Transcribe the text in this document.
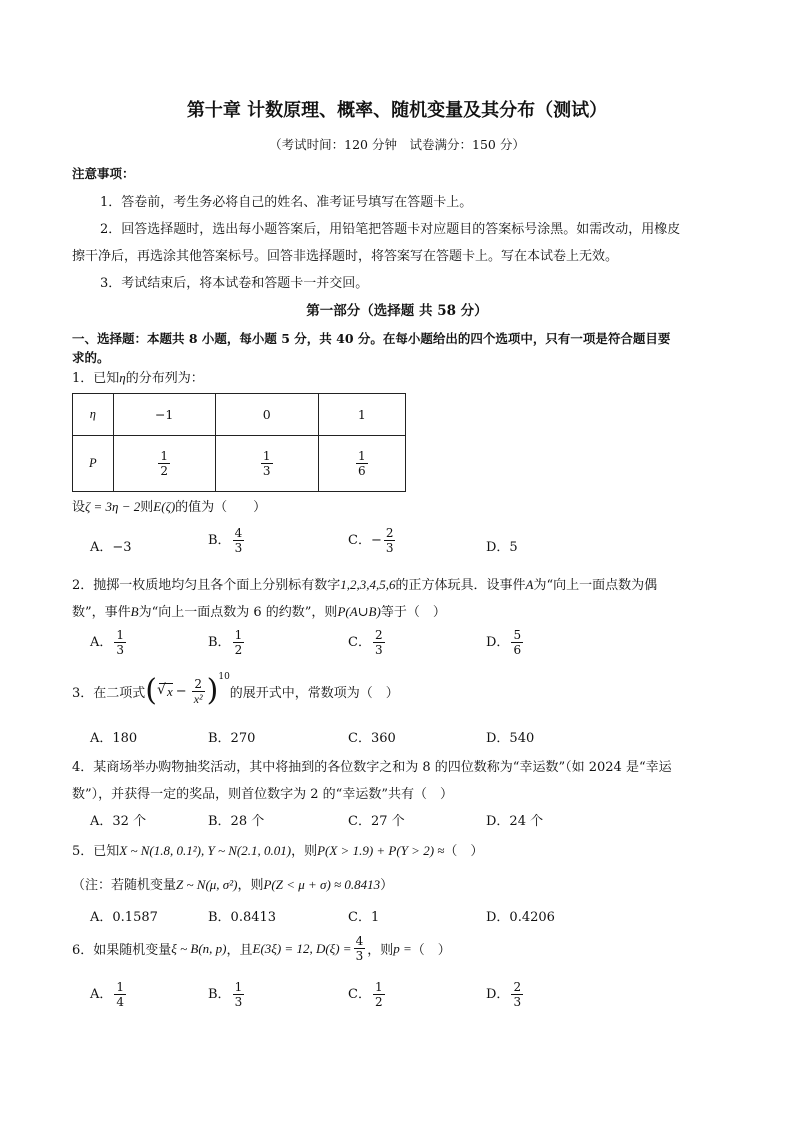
第十章 计数原理、概率、随机变量及其分布（测试）
（考试时间：120 分钟　试卷满分：150 分）
注意事项：
1．答卷前，考生务必将自己的姓名、准考证号填写在答题卡上。
2．回答选择题时，选出每小题答案后，用铅笔把答题卡对应题目的答案标号涂黑。如需改动，用橡皮
擦干净后，再选涂其他答案标号。回答非选择题时，将答案写在答题卡上。写在本试卷上无效。
3．考试结束后，将本试卷和答题卡一并交回。
第一部分（选择题 共 58 分）
一、选择题：本题共 8 小题，每小题 5 分，共 40 分。在每小题给出的四个选项中，只有一项是符合题目要
求的。
1．已知η的分布列为：
η	−1	0	1
P	$\frac{1}{2}$	$\frac{1}{3}$	$\frac{1}{6}$
设ζ = 3η − 2则E(ζ)的值为（　　）
A．−3	B． $\frac{4}{3}$	C．− $\frac{2}{3}$	D．5
2．抛掷一枚质地均匀且各个面上分别标有数字1,2,3,4,5,6的正方体玩具．设事件A为“向上一面点数为偶
数”，事件B为“向上一面点数为 6 的约数”，则P(A∪B)等于（　）
A． $\frac{1}{3}$	B． $\frac{1}{2}$	C． $\frac{2}{3}$	D． $\frac{5}{6}$
3．在二项式 ( √ $x - \frac{2}{\text{x²}}$ ) 10
的展开式中，常数项为（　）
A．180	B．270	C．360	D．540
4．某商场举办购物抽奖活动，其中将抽到的各位数字之和为 8 的四位数称为“幸运数”（如 2024 是“幸运
数”），并获得一定的奖品，则首位数字为 2 的“幸运数”共有（　）
A．32 个	B．28 个	C．27 个	D．24 个
5．已知X ~ N(1.8, 0.1²), Y ~ N(2.1, 0.01)，则P(X > 1.9) + P(Y > 2) ≈（　）
（注：若随机变量Z ~ N(μ, σ²)，则P(Z < μ + σ) ≈ 0.8413）
A．0.1587	B．0.8413	C．1	D．0.4206
6．如果随机变量 ξ ~ B(n, p) ，且 E(3ξ) = 12, $D(\xi) = \frac{4}{3}$ ，则 p = （　）
A． $\frac{1}{4}$	B． $\frac{1}{3}$	C． $\frac{1}{2}$	D． $\frac{2}{3}$
